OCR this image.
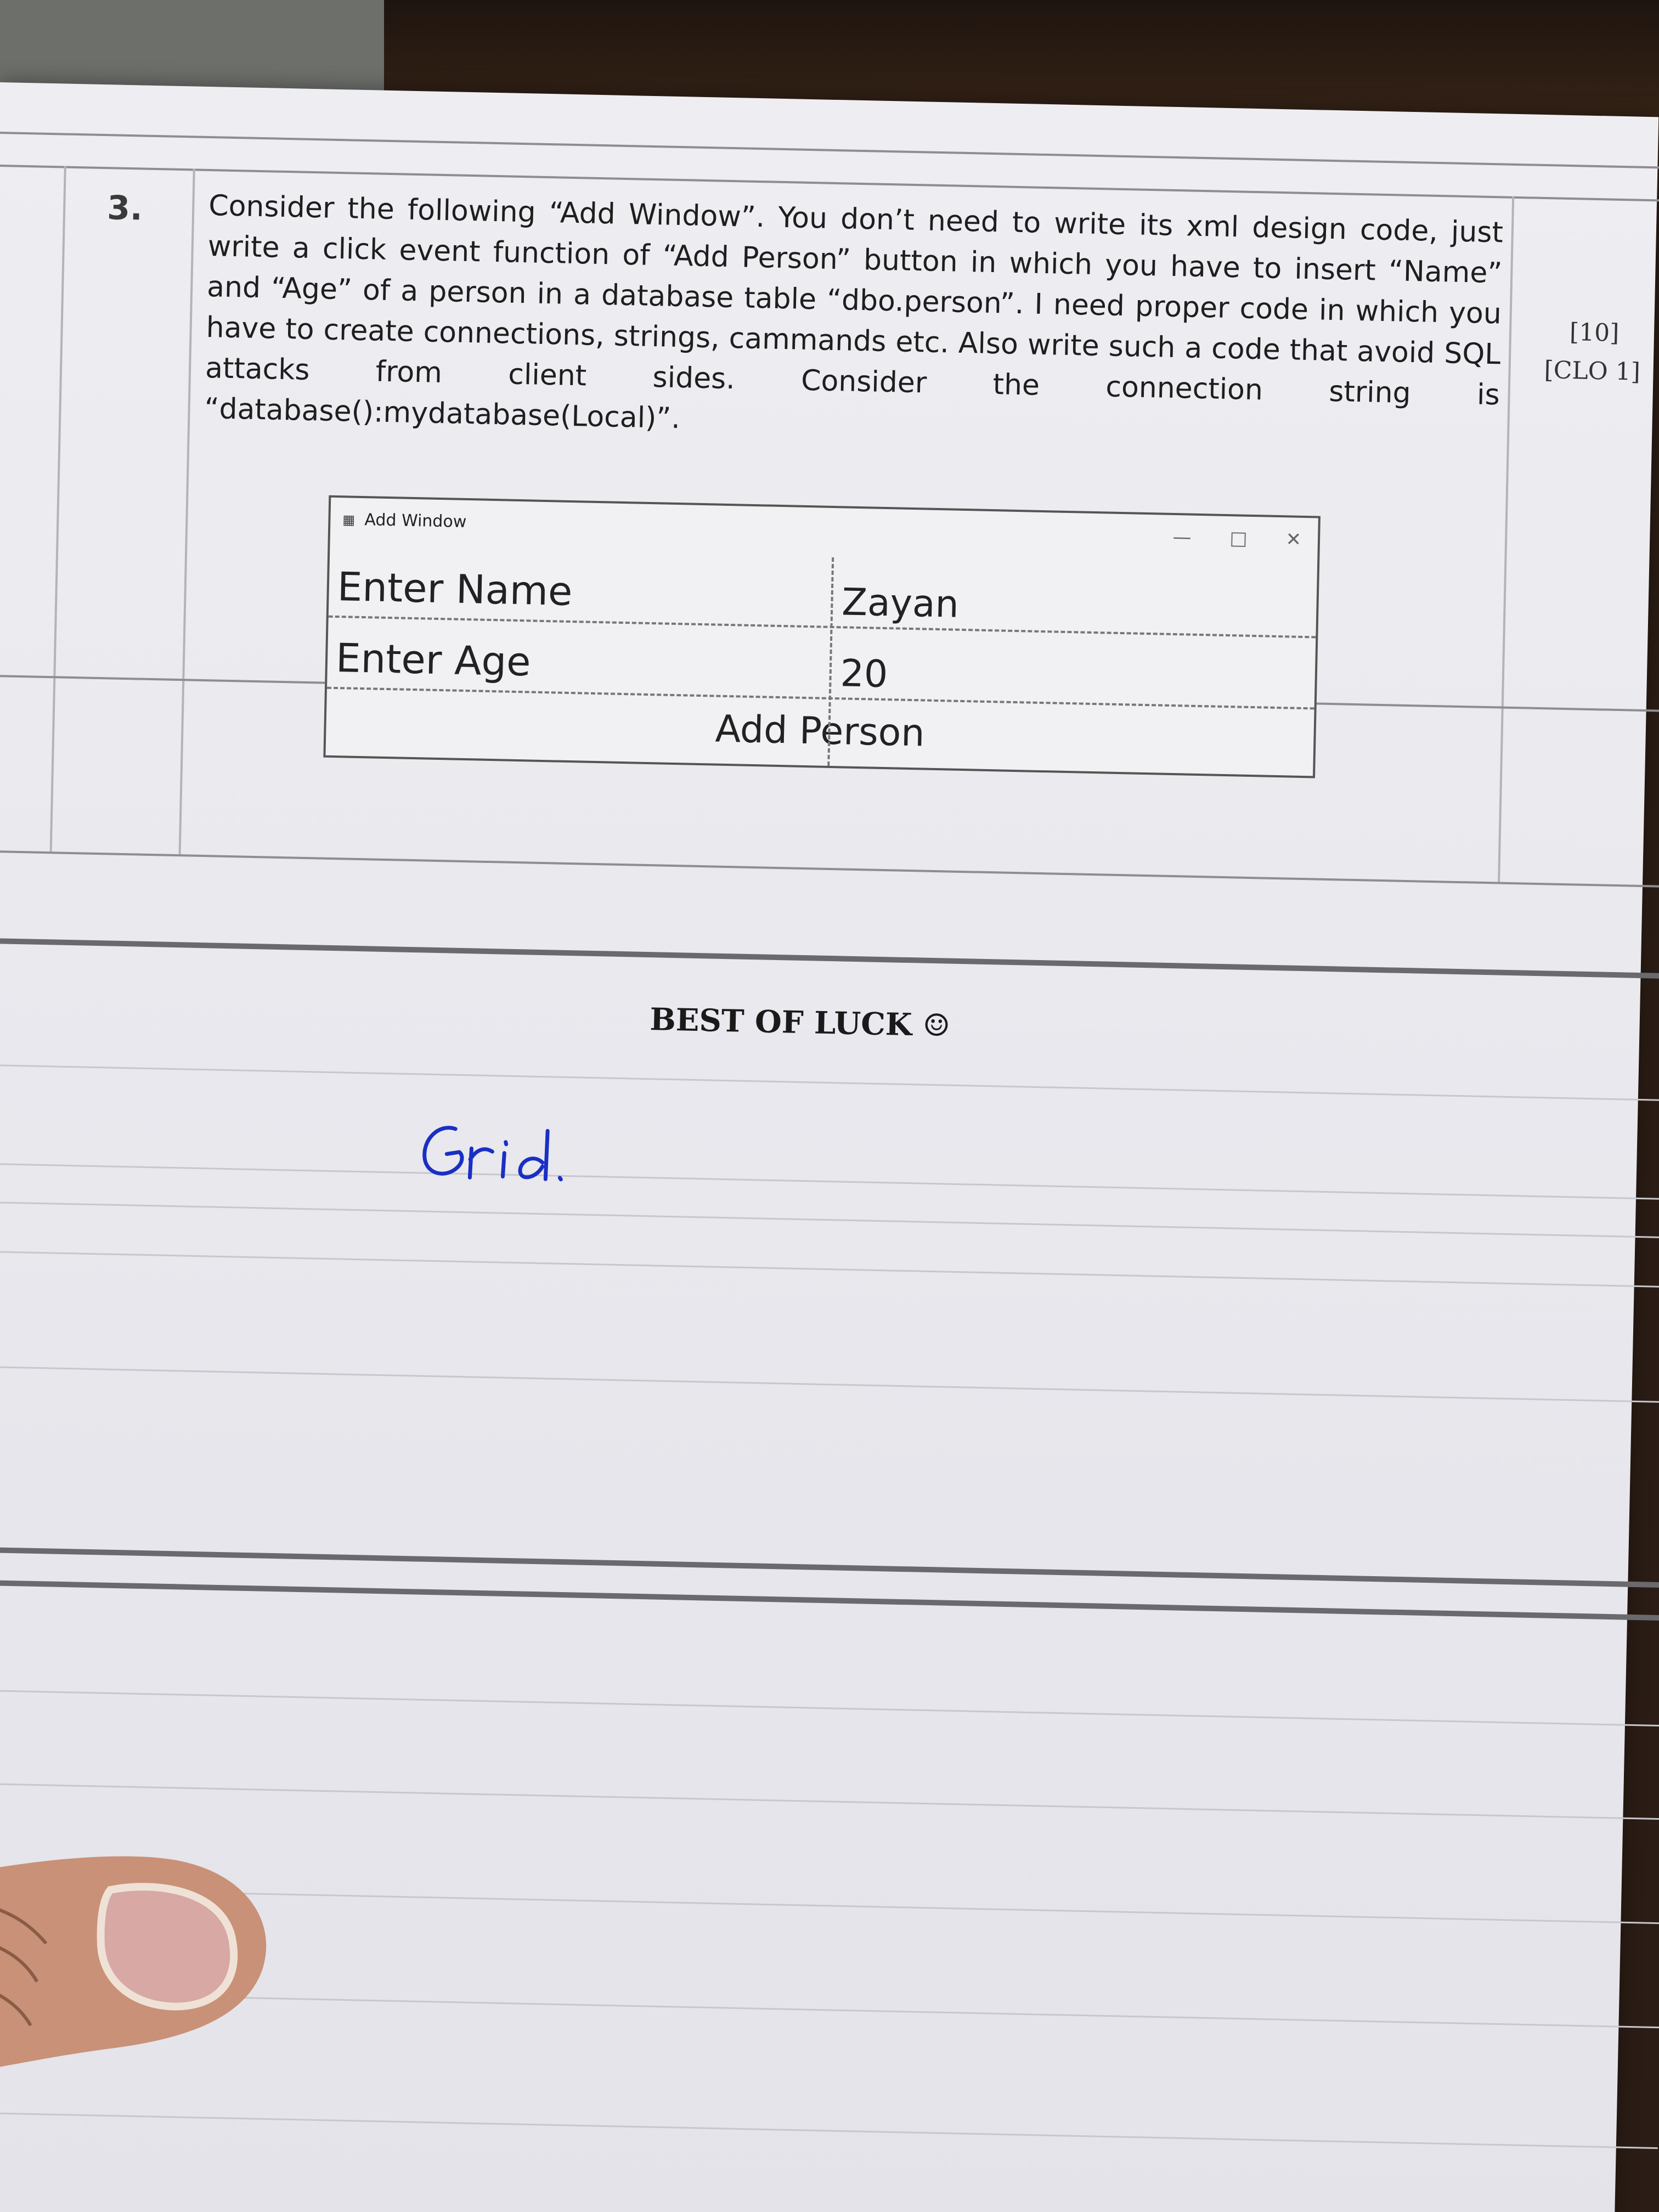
3. Consider the following “Add Window”. You don’t need to write its xml design code, just write a click event function of “Add Person” button in which you have to insert “Name” and “Age” of a person in a database table “dbo.person”. I need proper code in which you have to create connections, strings, cammands etc. Also write such a code that avoid SQL attacks from client sides. Consider the connection string is “database():mydatabase(Local)”.
[10]
[CLO 1]
▦ Add Window
— □ ✕
Enter Name	Zayan
Enter Age	20
Add Person
BEST OF LUCK ☺
